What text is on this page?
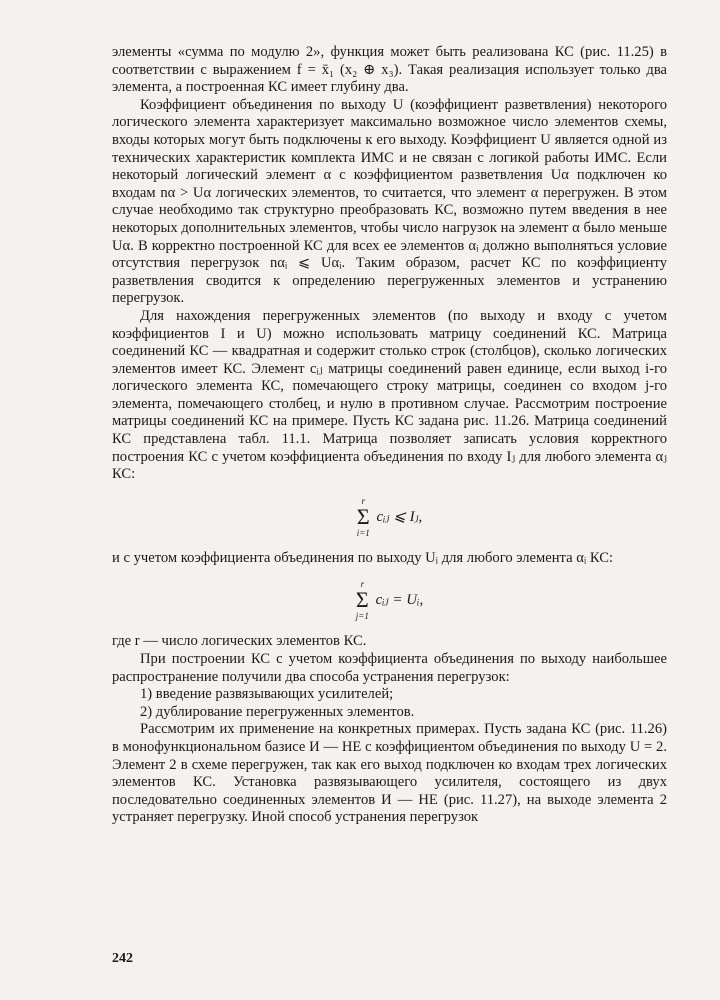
элементы «сумма по модулю 2», функция может быть реализована КС (рис. 11.25) в соответствии с выражением f = x̄₁ (x₂ ⊕ x₃). Такая реализация использует только два элемента, а построенная КС имеет глубину два.

Коэффициент объединения по выходу U (коэффициент разветвления) некоторого логического элемента характеризует максимально возможное число элементов схемы, входы которых могут быть подключены к его выходу. Коэффициент U является одной из технических характеристик комплекта ИМС и не связан с логикой работы ИМС. Если некоторый логический элемент α с коэффициентом разветвления Uα подключен ко входам nα > Uα логических элементов, то считается, что элемент α перегружен. В этом случае необходимо так структурно преобразовать КС, возможно путем введения в нее некоторых дополнительных элементов, чтобы число нагрузок на элемент α было меньше Uα. В корректно построенной КС для всех ее элементов αᵢ должно выполняться условие отсутствия перегрузок nαᵢ ⩽ Uαᵢ. Таким образом, расчет КС по коэффициенту разветвления сводится к определению перегруженных элементов и устранению перегрузок.

Для нахождения перегруженных элементов (по выходу и входу с учетом коэффициентов I и U) можно использовать матрицу соединений КС. Матрица соединений КС — квадратная и содержит столько строк (столбцов), сколько логических элементов имеет КС. Элемент cᵢⱼ матрицы соединений равен единице, если выход i-го логического элемента КС, помечающего строку матрицы, соединен со входом j-го элемента, помечающего столбец, и нулю в противном случае. Рассмотрим построение матрицы соединений КС на примере. Пусть КС задана рис. 11.26. Матрица соединений КС представлена табл. 11.1. Матрица позволяет записать условия корректного построения КС с учетом коэффициента объединения по входу Iⱼ для любого элемента αⱼ КС:

r
Σ
i=1
cᵢⱼ ⩽ Iⱼ,

и с учетом коэффициента объединения по выходу Uᵢ для любого элемента αᵢ КС:

r
Σ
j=1
cᵢⱼ = Uᵢ,

где r — число логических элементов КС.

При построении КС с учетом коэффициента объединения по выходу наибольшее распространение получили два способа устранения перегрузок:

1) введение развязывающих усилителей;

2) дублирование перегруженных элементов.

Рассмотрим их применение на конкретных примерах. Пусть задана КС (рис. 11.26) в монофункциональном базисе И — НЕ с коэффициентом объединения по выходу U = 2. Элемент 2 в схеме перегружен, так как его выход подключен ко входам трех логических элементов КС. Установка развязывающего усилителя, состоящего из двух последовательно соединенных элементов И — НЕ (рис. 11.27), на выходе элемента 2 устраняет перегрузку. Иной способ устранения перегрузок

242
